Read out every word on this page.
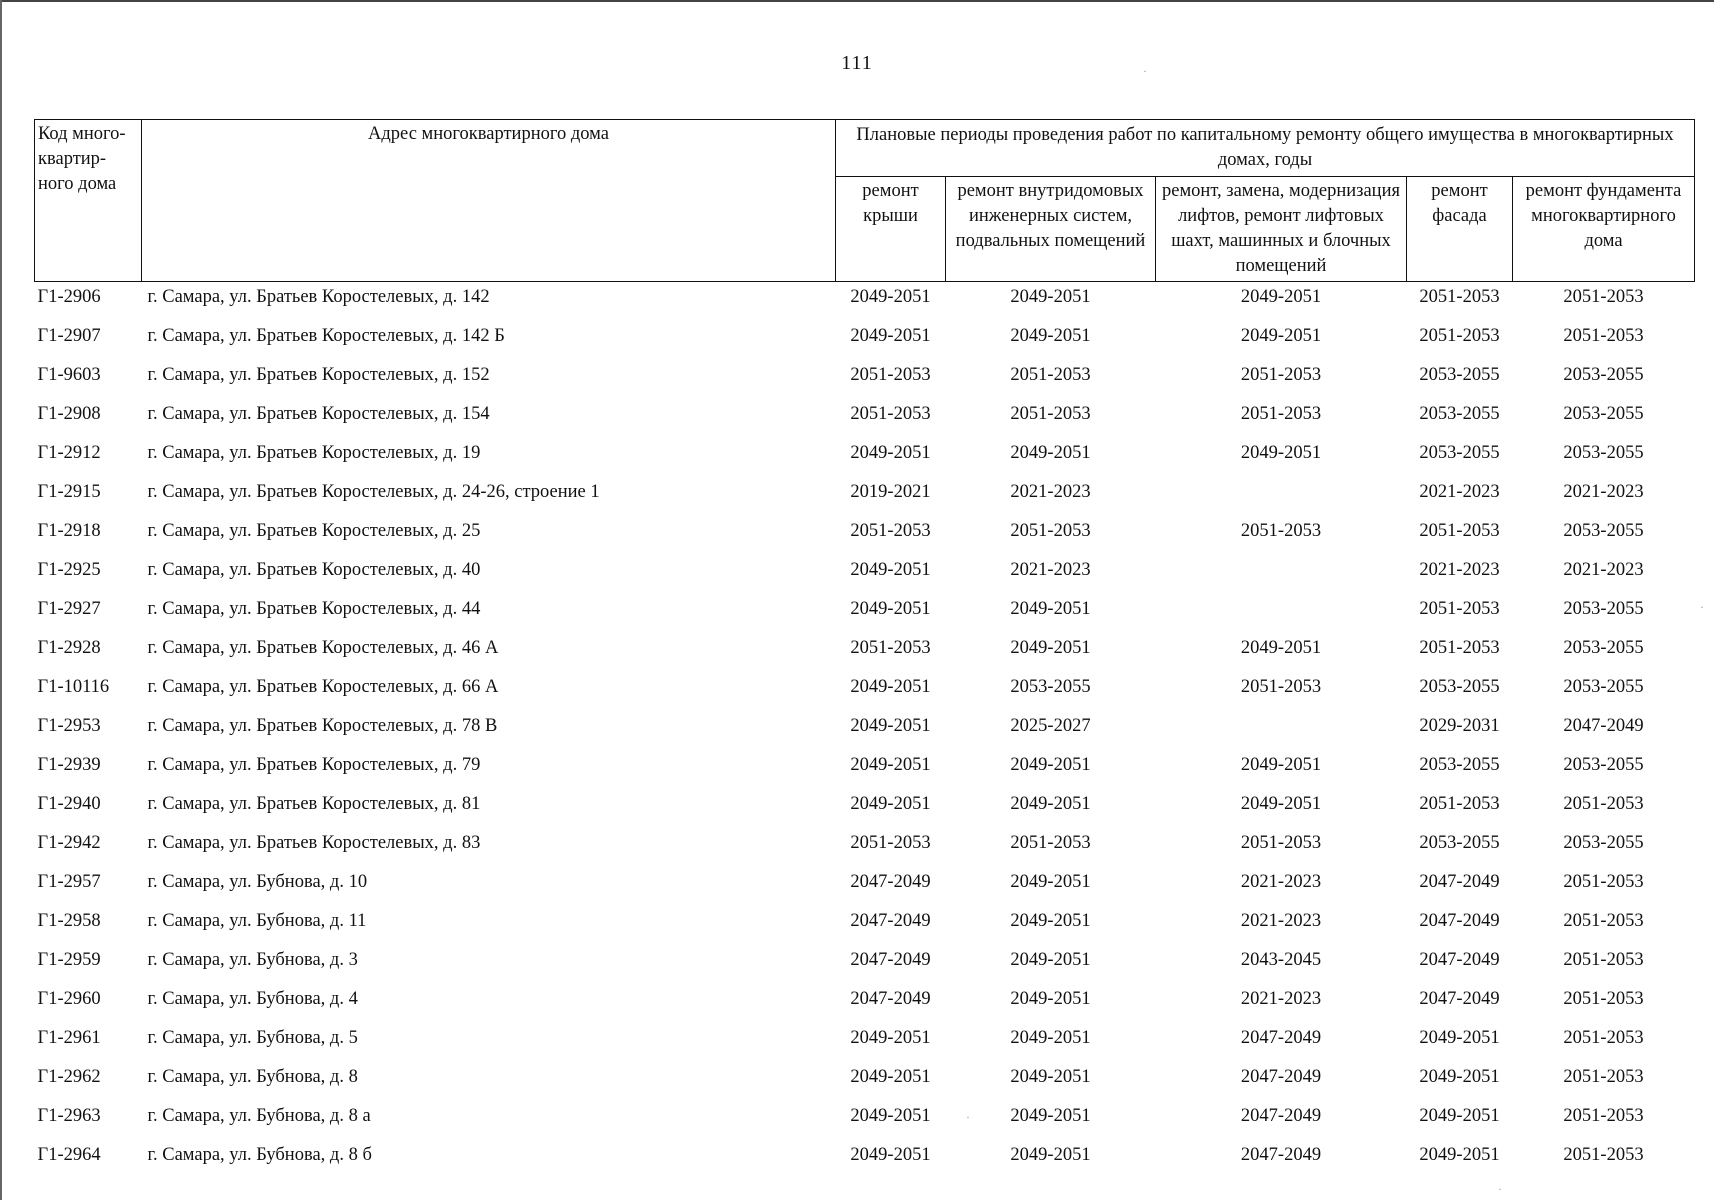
111	·
·
·
·
Код много-квартир-ного дома	Адрес многоквартирного дома	Плановые периоды проведения работ по капитальному ремонту общего имущества в многоквартирных домах, годы				
		ремонт крыши	ремонт внутридомовых инженерных систем, подвальных помещений	ремонт, замена, модернизация лифтов, ремонт лифтовых шахт, машинных и блочных помещений	ремонт фасада	ремонт фундамента многоквартирного дома
Г1-2906	г. Самара, ул. Братьев Коростелевых, д. 142	2049-2051	2049-2051	2049-2051	2051-2053	2051-2053
Г1-2907	г. Самара, ул. Братьев Коростелевых, д. 142 Б	2049-2051	2049-2051	2049-2051	2051-2053	2051-2053
Г1-9603	г. Самара, ул. Братьев Коростелевых, д. 152	2051-2053	2051-2053	2051-2053	2053-2055	2053-2055
Г1-2908	г. Самара, ул. Братьев Коростелевых, д. 154	2051-2053	2051-2053	2051-2053	2053-2055	2053-2055
Г1-2912	г. Самара, ул. Братьев Коростелевых, д. 19	2049-2051	2049-2051	2049-2051	2053-2055	2053-2055
Г1-2915	г. Самара, ул. Братьев Коростелевых, д. 24-26, строение 1	2019-2021	2021-2023		2021-2023	2021-2023
Г1-2918	г. Самара, ул. Братьев Коростелевых, д. 25	2051-2053	2051-2053	2051-2053	2051-2053	2053-2055
Г1-2925	г. Самара, ул. Братьев Коростелевых, д. 40	2049-2051	2021-2023		2021-2023	2021-2023
Г1-2927	г. Самара, ул. Братьев Коростелевых, д. 44	2049-2051	2049-2051		2051-2053	2053-2055
Г1-2928	г. Самара, ул. Братьев Коростелевых, д. 46 А	2051-2053	2049-2051	2049-2051	2051-2053	2053-2055
Г1-10116	г. Самара, ул. Братьев Коростелевых, д. 66 А	2049-2051	2053-2055	2051-2053	2053-2055	2053-2055
Г1-2953	г. Самара, ул. Братьев Коростелевых, д. 78 В	2049-2051	2025-2027		2029-2031	2047-2049
Г1-2939	г. Самара, ул. Братьев Коростелевых, д. 79	2049-2051	2049-2051	2049-2051	2053-2055	2053-2055
Г1-2940	г. Самара, ул. Братьев Коростелевых, д. 81	2049-2051	2049-2051	2049-2051	2051-2053	2051-2053
Г1-2942	г. Самара, ул. Братьев Коростелевых, д. 83	2051-2053	2051-2053	2051-2053	2053-2055	2053-2055
Г1-2957	г. Самара, ул. Бубнова, д. 10	2047-2049	2049-2051	2021-2023	2047-2049	2051-2053
Г1-2958	г. Самара, ул. Бубнова, д. 11	2047-2049	2049-2051	2021-2023	2047-2049	2051-2053
Г1-2959	г. Самара, ул. Бубнова, д. 3	2047-2049	2049-2051	2043-2045	2047-2049	2051-2053
Г1-2960	г. Самара, ул. Бубнова, д. 4	2047-2049	2049-2051	2021-2023	2047-2049	2051-2053
Г1-2961	г. Самара, ул. Бубнова, д. 5	2049-2051	2049-2051	2047-2049	2049-2051	2051-2053
Г1-2962	г. Самара, ул. Бубнова, д. 8	2049-2051	2049-2051	2047-2049	2049-2051	2051-2053
Г1-2963	г. Самара, ул. Бубнова, д. 8 а	2049-2051	2049-2051	2047-2049	2049-2051	2051-2053
Г1-2964	г. Самара, ул. Бубнова, д. 8 б	2049-2051	2049-2051	2047-2049	2049-2051	2051-2053
